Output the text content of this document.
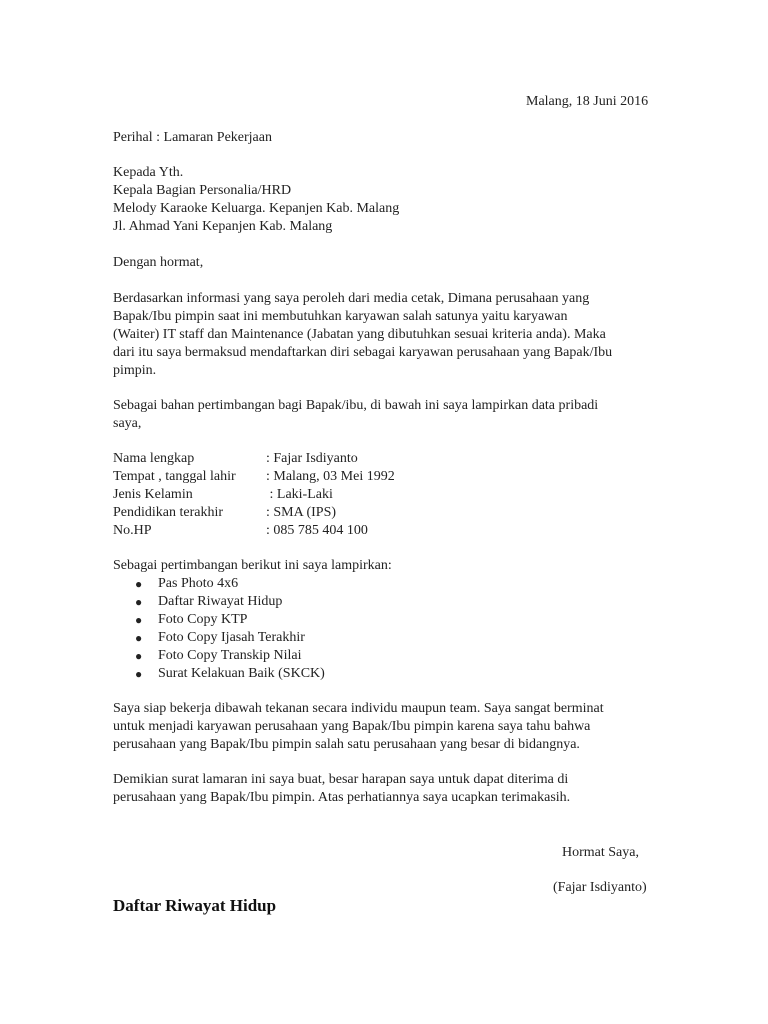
Malang, 18 Juni 2016
Perihal : Lamaran Pekerjaan
Kepada Yth.
Kepala Bagian Personalia/HRD
Melody Karaoke Keluarga. Kepanjen Kab. Malang
Jl. Ahmad Yani Kepanjen Kab. Malang
Dengan hormat,
Berdasarkan informasi yang saya peroleh dari media cetak, Dimana perusahaan yang
Bapak/Ibu pimpin saat ini membutuhkan karyawan salah satunya yaitu karyawan
(Waiter) IT staff dan Maintenance (Jabatan yang dibutuhkan sesuai kriteria anda). Maka
dari itu saya bermaksud mendaftarkan diri sebagai karyawan perusahaan yang Bapak/Ibu
pimpin.
Sebagai bahan pertimbangan bagi Bapak/ibu, di bawah ini saya lampirkan data pribadi
saya,
Nama lengkap	: Fajar Isdiyanto
Tempat , tanggal lahir : Malang, 03 Mei 1992
Jenis Kelamin	: Laki-Laki
Pendidikan terakhir	: SMA (IPS)
No.HP	: 085 785 404 100
Sebagai pertimbangan berikut ini saya lampirkan:
● Pas Photo 4x6
● Daftar Riwayat Hidup
● Foto Copy KTP
● Foto Copy Ijasah Terakhir
● Foto Copy Transkip Nilai
● Surat Kelakuan Baik (SKCK)
Saya siap bekerja dibawah tekanan secara individu maupun team. Saya sangat berminat
untuk menjadi karyawan perusahaan yang Bapak/Ibu pimpin karena saya tahu bahwa
perusahaan yang Bapak/Ibu pimpin salah satu perusahaan yang besar di bidangnya.
Demikian surat lamaran ini saya buat, besar harapan saya untuk dapat diterima di
perusahaan yang Bapak/Ibu pimpin. Atas perhatiannya saya ucapkan terimakasih.
Hormat Saya,
(Fajar Isdiyanto)
Daftar Riwayat Hidup
